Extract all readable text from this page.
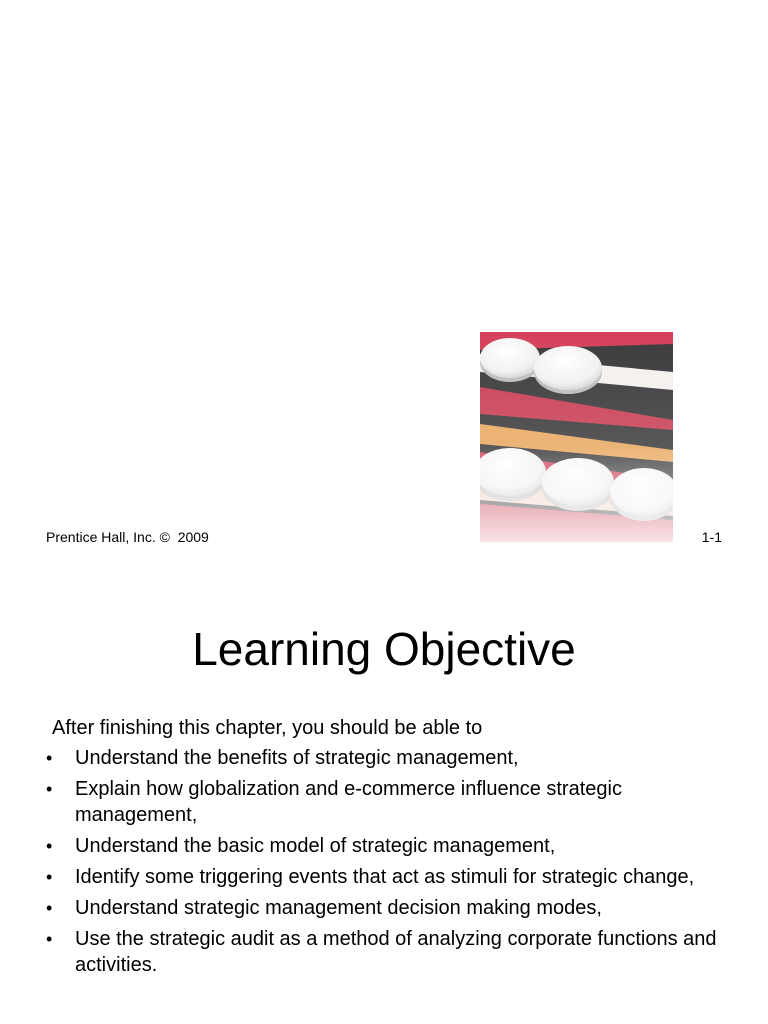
Prentice Hall, Inc. ©  2009	1-1
Learning Objective
After finishing this chapter, you should be able to
• Understand the benefits of strategic management,
• Explain how globalization and e-commerce influence strategic management,
• Understand the basic model of strategic management,
• Identify some triggering events that act as stimuli for strategic change,
• Understand strategic management decision making modes,
• Use the strategic audit as a method of analyzing corporate functions and activities.
